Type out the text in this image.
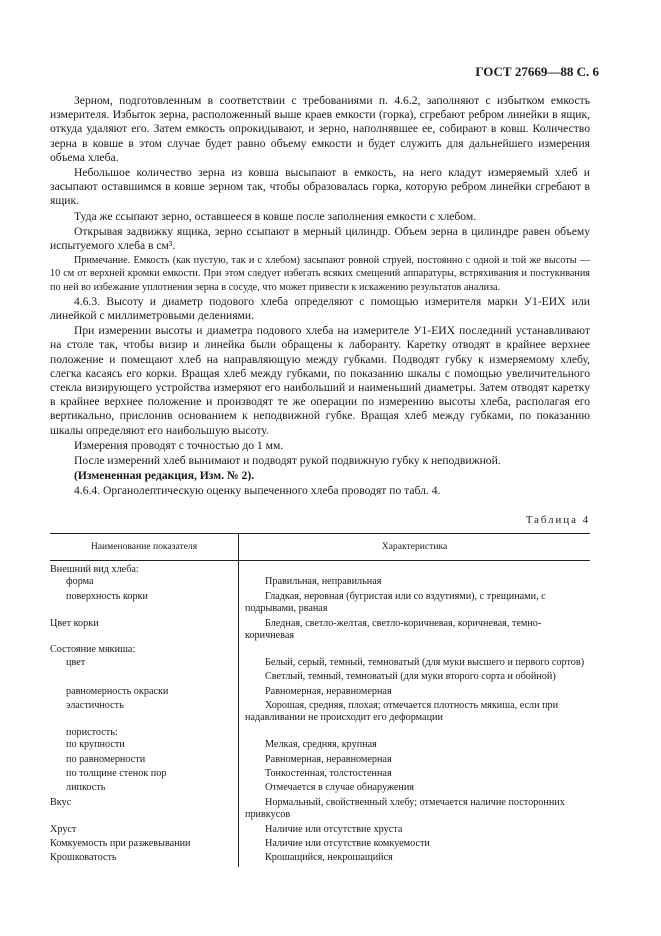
ГОСТ 27669—88 С. 6

Зерном, подготовленным в соответствии с требованиями п. 4.6.2, заполняют с избытком емкость измерителя. Избыток зерна, расположенный выше краев емкости (горка), сгребают ребром линейки в ящик, откуда удаляют его. Затем емкость опрокидывают, и зерно, наполнявшее ее, собирают в ковш. Количество зерна в ковше в этом случае будет равно объему емкости и будет служить для дальнейшего измерения объема хлеба.

Небольшое количество зерна из ковша высыпают в емкость, на него кладут измеряемый хлеб и засыпают оставшимся в ковше зерном так, чтобы образовалась горка, которую ребром линейки сгребают в ящик.

Туда же ссыпают зерно, оставшееся в ковше после заполнения емкости с хлебом.

Открывая задвижку ящика, зерно ссыпают в мерный цилиндр. Объем зерна в цилиндре равен объему испытуемого хлеба в см³.

Примечание. Емкость (как пустую, так и с хлебом) засыпают ровной струей, постоянно с одной и той же высоты — 10 см от верхней кромки емкости. При этом следует избегать всяких смещений аппаратуры, встряхивания и постукивания по ней во избежание уплотнения зерна в сосуде, что может привести к искажению результатов анализа.

4.6.3. Высоту и диаметр подового хлеба определяют с помощью измерителя марки У1-ЕИХ или линейкой с миллиметровыми делениями.

При измерении высоты и диаметра подового хлеба на измерителе У1-ЕИХ последний устанавливают на столе так, чтобы визир и линейка были обращены к лаборанту. Каретку отводят в крайнее верхнее положение и помещают хлеб на направляющую между губками. Подводят губку к измеряемому хлебу, слегка касаясь его корки. Вращая хлеб между губками, по показанию шкалы с помощью увеличительного стекла визирующего устройства измеряют его наибольший и наименьший диаметры. Затем отводят каретку в крайнее верхнее положение и производят те же операции по измерению высоты хлеба, располагая его вертикально, прислонив основанием к неподвижной губке. Вращая хлеб между губками, по показанию шкалы определяют его наибольшую высоту.

Измерения проводят с точностью до 1 мм.

После измерений хлеб вынимают и подводят рукой подвижную губку к неподвижной.

(Измененная редакция, Изм. № 2).

4.6.4. Органолептическую оценку выпеченного хлеба проводят по табл. 4.

Таблица 4
Наименование показателя	Характеристика
Внешний вид хлеба:	
форма	Правильная, неправильная
поверхность корки	Гладкая, неровная (бугристая или со вздутиями), с трещинами, с подрывами, рваная
Цвет корки	Бледная, светло-желтая, светло-коричневая, коричневая, темно-коричневая
Состояние мякиша:	
цвет	Белый, серый, темный, темноватый (для муки высшего и первого сортов)
	Светлый, темный, темноватый (для муки второго сорта и обойной)
равномерность окраски	Равномерная, неравномерная
эластичность	Хорошая, средняя, плохая; отмечается плотность мякиша, если при надавливании не происходит его деформации
пористость:	
по крупности	Мелкая, средняя, крупная
по равномерности	Равномерная, неравномерная
по толщине стенок пор	Тонкостенная, толстостенная
липкость	Отмечается в случае обнаружения
Вкус	Нормальный, свойственный хлебу; отмечается наличие посторонних привкусов
Хруст	Наличие или отсутствие хруста
Комкуемость при разжевывании	Наличие или отсутствие комкуемости
Крошковатость	Крошащийся, некрошащийся
